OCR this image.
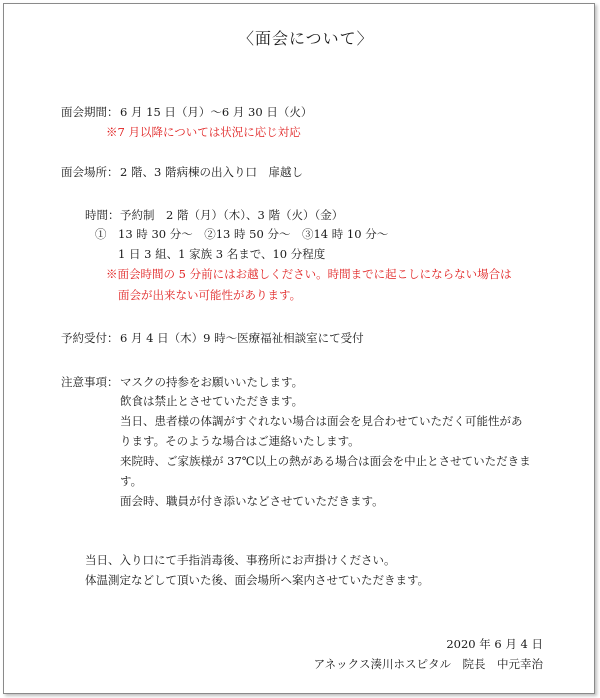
〈面会について〉
面会期間： 6 月 15 日（月）～6 月 30 日（火）
※7 月以降については状況に応じ対応
面会場所： 2 階、3 階病棟の出入り口　扉越し
時間： 予約制　2 階（月）（木）、3 階（火）（金）
①　13 時 30 分～　②13 時 50 分～　③14 時 10 分～
1 日 3 組、1 家族 3 名まで、10 分程度
※面会時間の 5 分前にはお越しください。時間までに起こしにならない場合は
面会が出来ない可能性があります。
予約受付： 6 月 4 日（木）9 時～医療福祉相談室にて受付
注意事項： マスクの持参をお願いいたします。
飲食は禁止とさせていただきます。
当日、患者様の体調がすぐれない場合は面会を見合わせていただく可能性があ
ります。そのような場合はご連絡いたします。
来院時、ご家族様が 37℃以上の熱がある場合は面会を中止とさせていただきま
す。
面会時、職員が付き添いなどさせていただきます。
当日、入り口にて手指消毒後、事務所にお声掛けください。
体温測定などして頂いた後、面会場所へ案内させていただきます。
2020 年 6 月 4 日
アネックス湊川ホスピタル　院長　中元幸治
